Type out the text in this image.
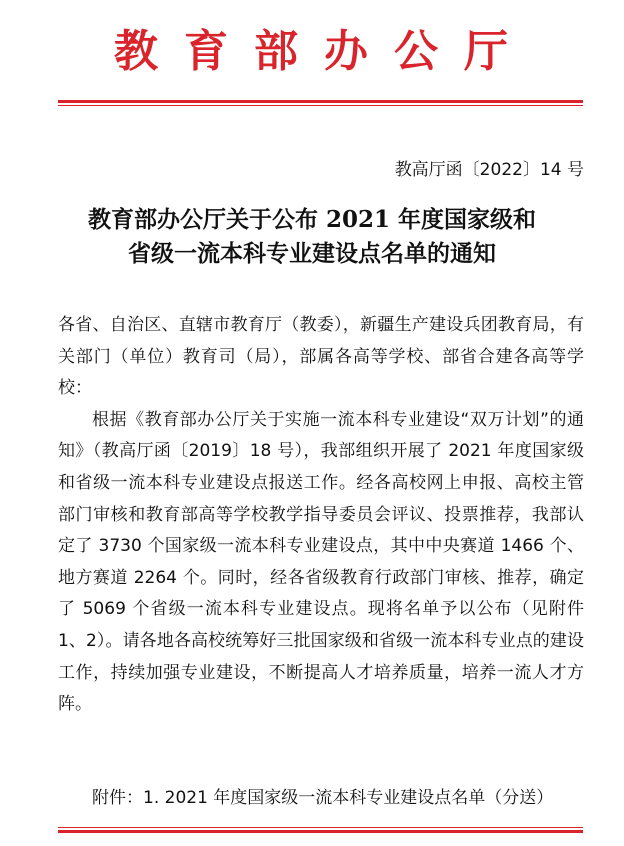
教育部办公厅
教高厅函〔2022〕14 号
教育部办公厅关于公布 2021 年度国家级和
省级一流本科专业建设点名单的通知

各省、自治区、直辖市教育厅（教委），新疆生产建设兵团教育局，有关部门（单位）教育司（局），部属各高等学校、部省合建各高等学校：

根据《教育部办公厅关于实施一流本科专业建设“双万计划”的通知》（教高厅函〔2019〕18 号），我部组织开展了 2021 年度国家级和省级一流本科专业建设点报送工作。经各高校网上申报、高校主管部门审核和教育部高等学校教学指导委员会评议、投票推荐，我部认定了 3730 个国家级一流本科专业建设点，其中中央赛道 1466 个、地方赛道 2264 个。同时，经各省级教育行政部门审核、推荐，确定了 5069 个省级一流本科专业建设点。现将名单予以公布（见附件 1、2）。请各地各高校统筹好三批国家级和省级一流本科专业点的建设工作，持续加强专业建设，不断提高人才培养质量，培养一流人才方阵。

附件：1. 2021 年度国家级一流本科专业建设点名单（分送）
